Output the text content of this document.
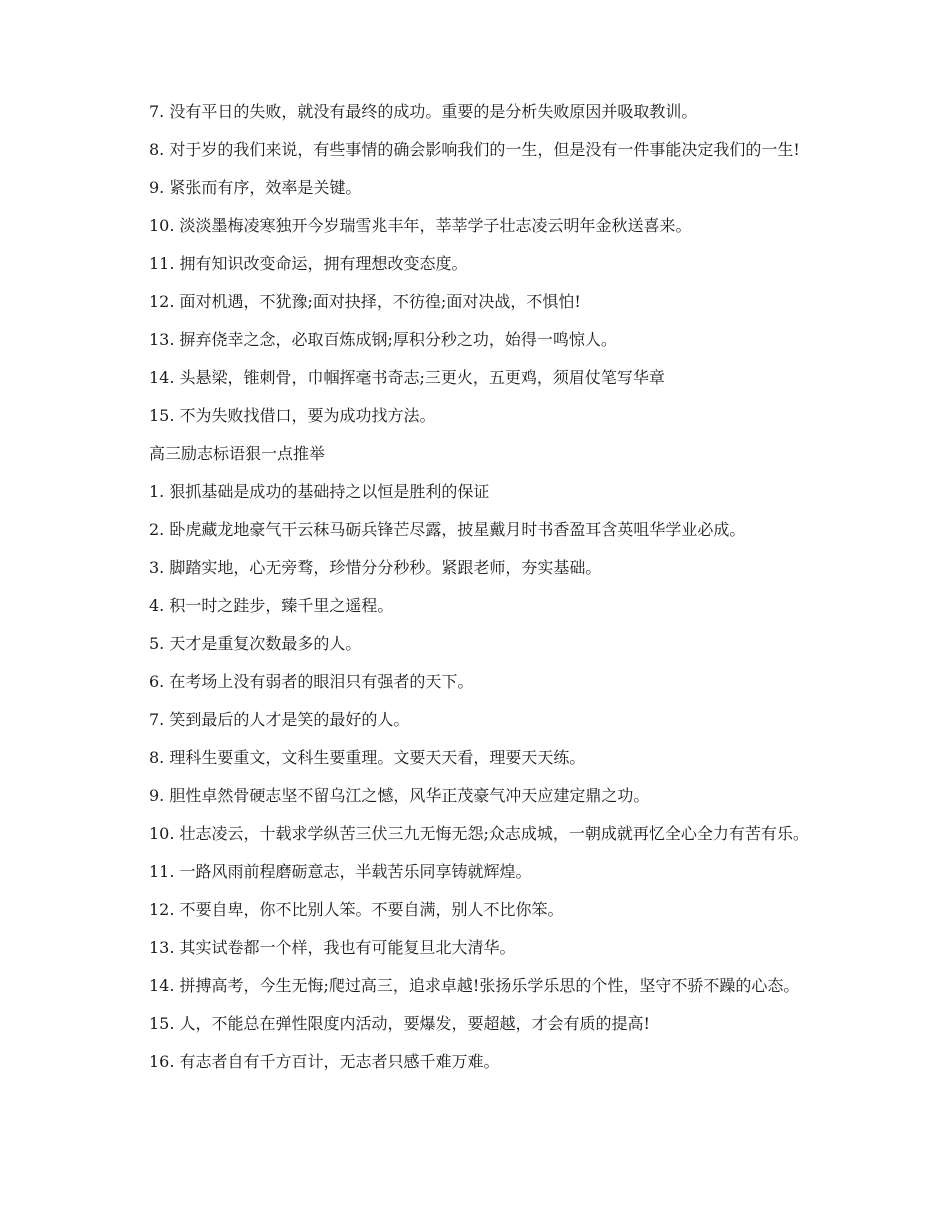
7. 没有平日的失败，就没有最终的成功。重要的是分析失败原因并吸取教训。

8. 对于岁的我们来说，有些事情的确会影响我们的一生，但是没有一件事能决定我们的一生!

9. 紧张而有序，效率是关键。

10. 淡淡墨梅凌寒独开今岁瑞雪兆丰年，莘莘学子壮志凌云明年金秋送喜来。

11. 拥有知识改变命运，拥有理想改变态度。

12. 面对机遇，不犹豫;面对抉择，不彷徨;面对决战，不惧怕!

13. 摒弃侥幸之念，必取百炼成钢;厚积分秒之功，始得一鸣惊人。

14. 头悬梁，锥刺骨，巾帼挥毫书奇志;三更火，五更鸡，须眉仗笔写华章

15. 不为失败找借口，要为成功找方法。

高三励志标语狠一点推举

1. 狠抓基础是成功的基础持之以恒是胜利的保证

2. 卧虎藏龙地豪气干云秣马砺兵锋芒尽露，披星戴月时书香盈耳含英咀华学业必成。

3. 脚踏实地，心无旁骛，珍惜分分秒秒。紧跟老师，夯实基础。

4. 积一时之跬步，臻千里之遥程。

5. 天才是重复次数最多的人。

6. 在考场上没有弱者的眼泪只有强者的天下。

7. 笑到最后的人才是笑的最好的人。

8. 理科生要重文，文科生要重理。文要天天看，理要天天练。

9. 胆性卓然骨硬志坚不留乌江之憾，风华正茂豪气冲天应建定鼎之功。

10. 壮志凌云，十载求学纵苦三伏三九无悔无怨;众志成城，一朝成就再忆全心全力有苦有乐。

11. 一路风雨前程磨砺意志，半载苦乐同享铸就辉煌。

12. 不要自卑，你不比别人笨。不要自满，别人不比你笨。

13. 其实试卷都一个样，我也有可能复旦北大清华。

14. 拼搏高考，今生无悔;爬过高三，追求卓越!张扬乐学乐思的个性，坚守不骄不躁的心态。

15. 人，不能总在弹性限度内活动，要爆发，要超越，才会有质的提高!

16. 有志者自有千方百计，无志者只感千难万难。
